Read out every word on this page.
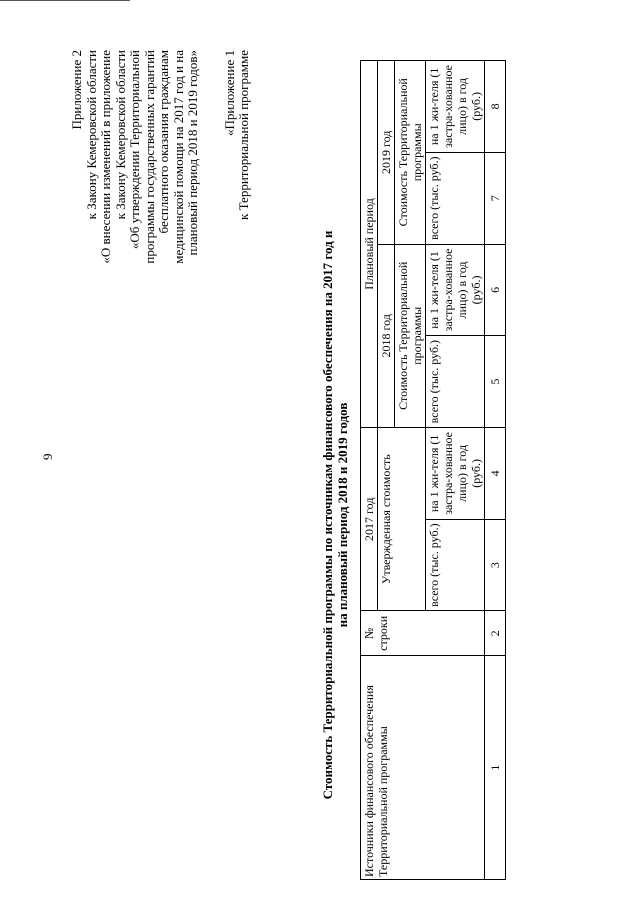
9
Приложение 2 к Закону Кемеровской области «О внесении изменений в приложение к Закону Кемеровской области «Об утверждении Территориальной программы государственных гарантий бесплатного оказания гражданам медицинской помощи на 2017 год и на плановый период 2018 и 2019 годов» «Приложение 1 к Территориальной программе
Стоимость Территориальной программы по источникам финансового обеспечения на 2017 год и на плановый период 2018 и 2019 годов
Источники финансового обеспечения Территориальной программы	№ строки	2017 год		Плановый период			
		Утвержденная стоимость		2018 год		2019 год	
				Стоимость Территориальной программы		Стоимость Территориальной программы	
		всего (тыс. руб.)	на 1 жи-теля (1 застра-хованное лицо) в год (руб.)	всего (тыс. руб.)	на 1 жи-теля (1 застра-хованное лицо) в год (руб.)	всего (тыс. руб.)	на 1 жи-теля (1 застра-хованное лицо) в год (руб.)
1	2	3	4	5	6	7	8
